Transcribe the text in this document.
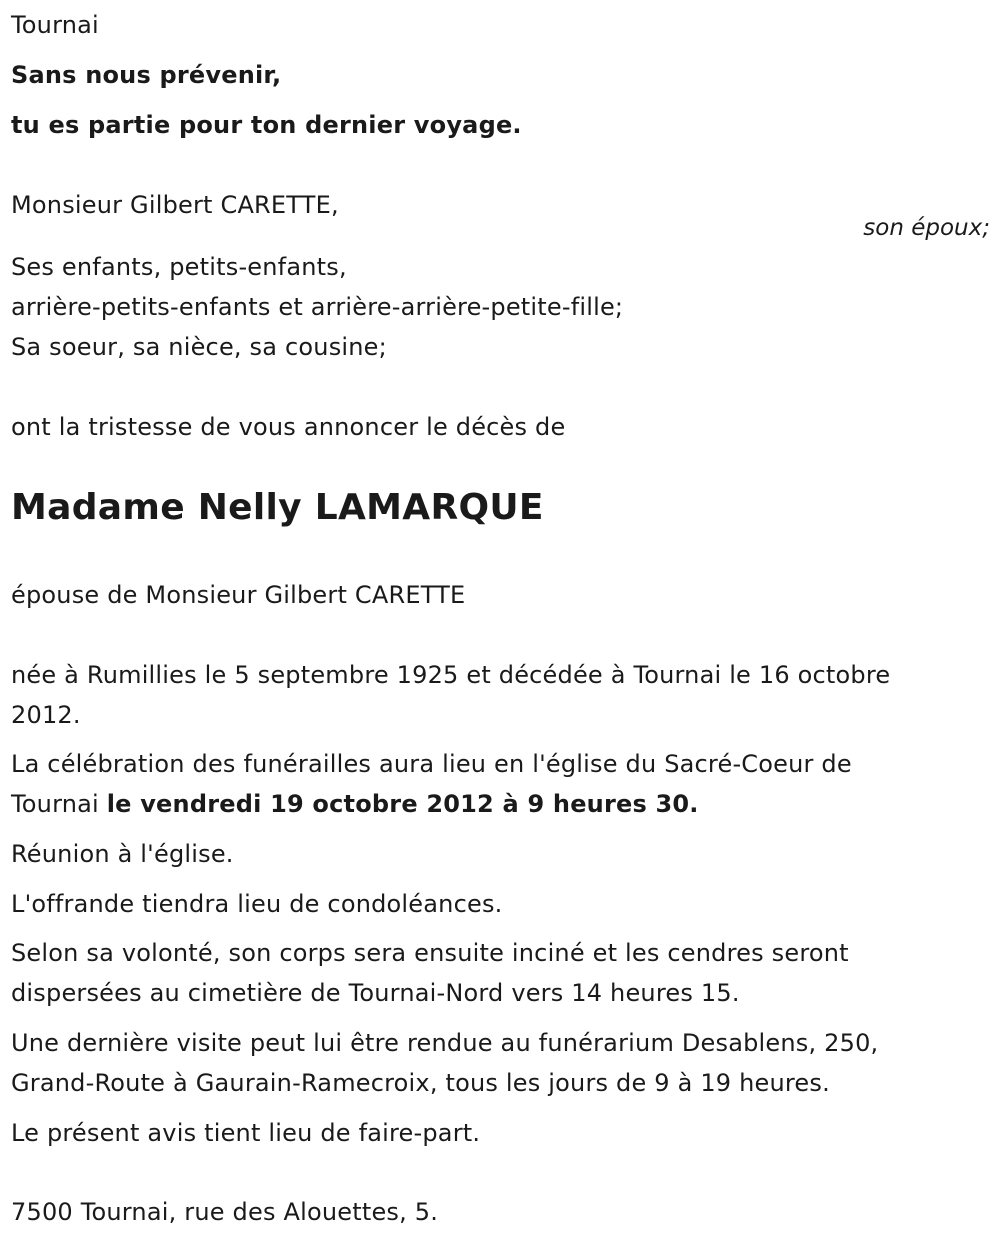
Tournai
Sans nous prévenir,
tu es partie pour ton dernier voyage.
Monsieur Gilbert CARETTE,
son époux;
Ses enfants, petits-enfants,
arrière-petits-enfants et arrière-arrière-petite-fille;
Sa soeur, sa nièce, sa cousine;
ont la tristesse de vous annoncer le décès de
Madame Nelly LAMARQUE
épouse de Monsieur Gilbert CARETTE
née à Rumillies le 5 septembre 1925 et décédée à Tournai le 16 octobre
2012.
La célébration des funérailles aura lieu en l'église du Sacré-Coeur de
Tournai le vendredi 19 octobre 2012 à 9 heures 30.
Réunion à l'église.
L'offrande tiendra lieu de condoléances.
Selon sa volonté, son corps sera ensuite inciné et les cendres seront
dispersées au cimetière de Tournai-Nord vers 14 heures 15.
Une dernière visite peut lui être rendue au funérarium Desablens, 250,
Grand-Route à Gaurain-Ramecroix, tous les jours de 9 à 19 heures.
Le présent avis tient lieu de faire-part.
7500 Tournai, rue des Alouettes, 5.
